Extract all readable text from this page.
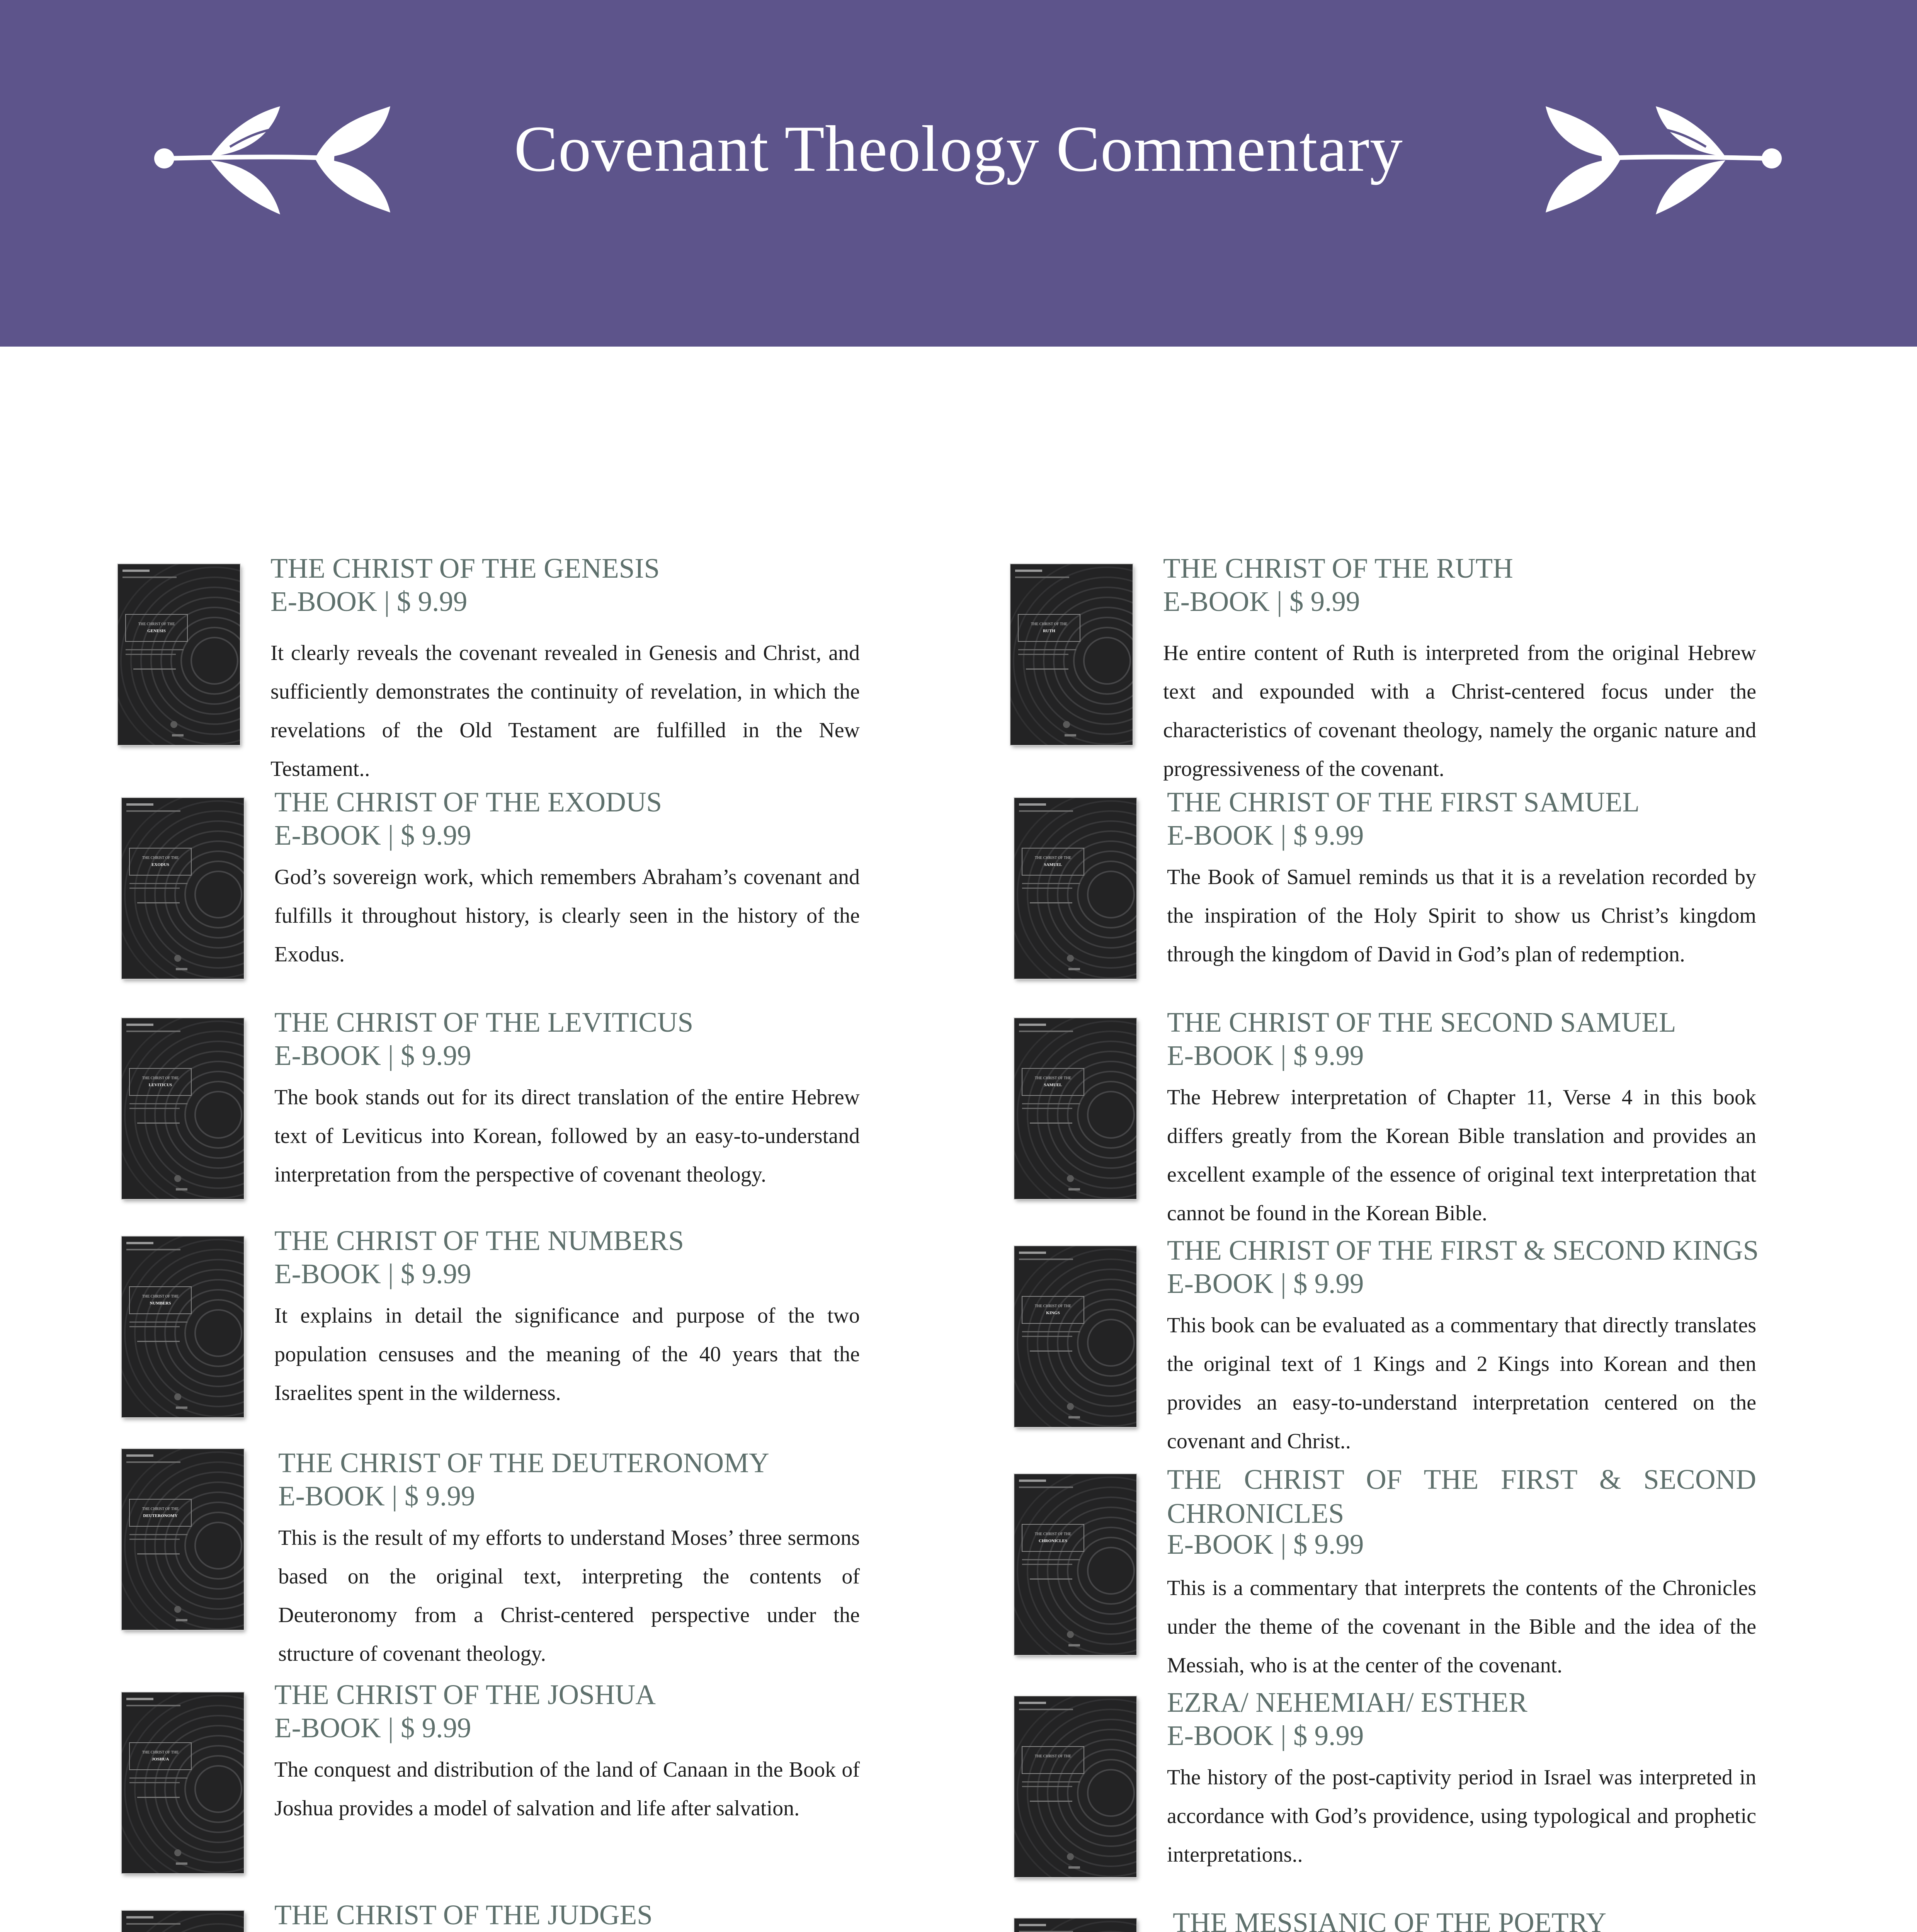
Covenant Theology Commentary
THE CHRIST OF THE
GENESIS
THE CHRIST OF THE GENESIS
E-BOOK | $ 9.99
It clearly reveals the covenant revealed in Genesis and Christ, and sufficiently demonstrates the continuity of revelation, in which the revelations of the Old Testament are fulfilled in the New Testament..
THE CHRIST OF THE
EXODUS
THE CHRIST OF THE EXODUS
E-BOOK | $ 9.99
God’s sovereign work, which remembers Abraham’s covenant and fulfills it throughout history, is clearly seen in the history of the Exodus.
THE CHRIST OF THE
LEVITICUS
THE CHRIST OF THE LEVITICUS
E-BOOK | $ 9.99
The book stands out for its direct translation of the entire Hebrew text of Leviticus into Korean, followed by an easy-to-understand interpretation from the perspective of covenant theology.
THE CHRIST OF THE
NUMBERS
THE CHRIST OF THE NUMBERS
E-BOOK | $ 9.99
It explains in detail the significance and purpose of the two population censuses and the meaning of the 40 years that the Israelites spent in the wilderness.
THE CHRIST OF THE
DEUTERONOMY
THE CHRIST OF THE DEUTERONOMY
E-BOOK | $ 9.99
This is the result of my efforts to understand Moses’ three sermons based on the original text, interpreting the contents of Deuteronomy from a Christ-centered perspective under the structure of covenant theology.
THE CHRIST OF THE
JOSHUA
THE CHRIST OF THE JOSHUA
E-BOOK | $ 9.99
The conquest and distribution of the land of Canaan in the Book of Joshua provides a model of salvation and life after salvation.
THE CHRIST OF THE JUDGES
THE CHRIST OF THE
RUTH
THE CHRIST OF THE RUTH
E-BOOK | $ 9.99
He entire content of Ruth is interpreted from the original Hebrew text and expounded with a Christ-centered focus under the characteristics of covenant theology, namely the organic nature and progressiveness of the covenant.
THE CHRIST OF THE
SAMUEL
THE CHRIST OF THE FIRST SAMUEL
E-BOOK | $ 9.99
The Book of Samuel reminds us that it is a revelation recorded by the inspiration of the Holy Spirit to show us Christ’s kingdom through the kingdom of David in God’s plan of redemption.
THE CHRIST OF THE
SAMUEL
THE CHRIST OF THE SECOND SAMUEL
E-BOOK | $ 9.99
The Hebrew interpretation of Chapter 11, Verse 4 in this book differs greatly from the Korean Bible translation and provides an excellent example of the essence of original text interpretation that cannot be found in the Korean Bible.
THE CHRIST OF THE
KINGS
THE CHRIST OF THE FIRST & SECOND KINGS
E-BOOK | $ 9.99
This book can be evaluated as a commentary that directly translates the original text of 1 Kings and 2 Kings into Korean and then provides an easy-to-understand interpretation centered on the covenant and Christ..
THE CHRIST OF THE
CHRONICLES
THE CHRIST OF THE FIRST & SECOND CHRONICLES
E-BOOK | $ 9.99
This is a commentary that interprets the contents of the Chronicles under the theme of the covenant in the Bible and the idea of the Messiah, who is at the center of the covenant.
THE CHRIST OF THE
EZRA/ NEHEMIAH/ ESTHER
E-BOOK | $ 9.99
The history of the post-captivity period in Israel was interpreted in accordance with God’s providence, using typological and prophetic interpretations..
THE MESSIANIC OF THE POETRY
